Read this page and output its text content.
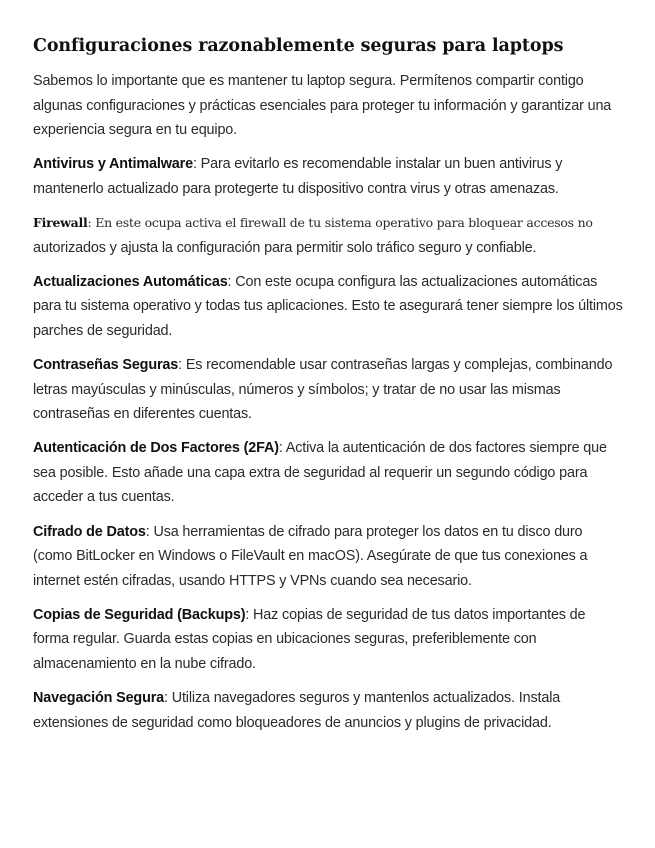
Configuraciones razonablemente seguras para laptops

Sabemos lo importante que es mantener tu laptop segura. Permítenos compartir contigo algunas configuraciones y prácticas esenciales para proteger tu información y garantizar una experiencia segura en tu equipo.

Antivirus y Antimalware: Para evitarlo es recomendable instalar un buen antivirus y mantenerlo actualizado para protegerte tu dispositivo contra virus y otras amenazas.

Firewall: En este ocupa activa el firewall de tu sistema operativo para bloquear accesos no autorizados y ajusta la configuración para permitir solo tráfico seguro y confiable.

Actualizaciones Automáticas: Con este ocupa configura las actualizaciones automáticas para tu sistema operativo y todas tus aplicaciones. Esto te asegurará tener siempre los últimos parches de seguridad.

Contraseñas Seguras: Es recomendable usar contraseñas largas y complejas, combinando letras mayúsculas y minúsculas, números y símbolos; y tratar de no usar las mismas contraseñas en diferentes cuentas.

Autenticación de Dos Factores (2FA): Activa la autenticación de dos factores siempre que sea posible. Esto añade una capa extra de seguridad al requerir un segundo código para acceder a tus cuentas.

Cifrado de Datos: Usa herramientas de cifrado para proteger los datos en tu disco duro (como BitLocker en Windows o FileVault en macOS). Asegúrate de que tus conexiones a internet estén cifradas, usando HTTPS y VPNs cuando sea necesario.

Copias de Seguridad (Backups): Haz copias de seguridad de tus datos importantes de forma regular. Guarda estas copias en ubicaciones seguras, preferiblemente con almacenamiento en la nube cifrado.

Navegación Segura: Utiliza navegadores seguros y mantenlos actualizados. Instala extensiones de seguridad como bloqueadores de anuncios y plugins de privacidad.
